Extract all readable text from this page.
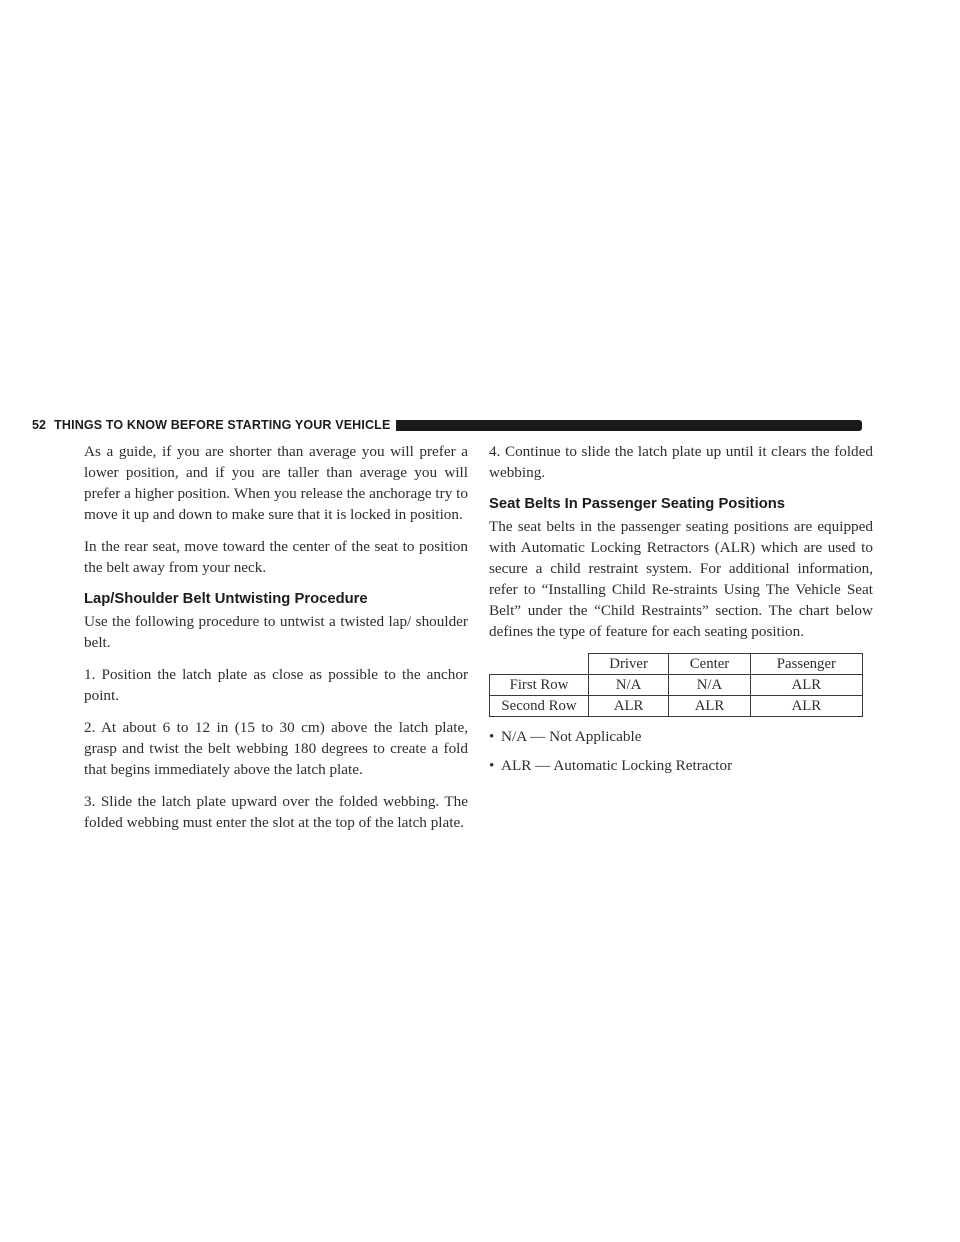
52 THINGS TO KNOW BEFORE STARTING YOUR VEHICLE

As a guide, if you are shorter than average you will prefer a lower position, and if you are taller than average you will prefer a higher position. When you release the anchorage try to move it up and down to make sure that it is locked in position.

In the rear seat, move toward the center of the seat to position the belt away from your neck.

Lap/Shoulder Belt Untwisting Procedure

Use the following procedure to untwist a twisted lap/ shoulder belt.

1. Position the latch plate as close as possible to the anchor point.

2. At about 6 to 12 in (15 to 30 cm) above the latch plate, grasp and twist the belt webbing 180 degrees to create a fold that begins immediately above the latch plate.

3. Slide the latch plate upward over the folded webbing. The folded webbing must enter the slot at the top of the latch plate.

4. Continue to slide the latch plate up until it clears the folded webbing.

Seat Belts In Passenger Seating Positions

The seat belts in the passenger seating positions are equipped with Automatic Locking Retractors (ALR) which are used to secure a child restraint system. For additional information, refer to “Installing Child Re-straints Using The Vehicle Seat Belt” under the “Child Restraints” section. The chart below defines the type of feature for each seating position.

	Driver	Center	Passenger
First Row	N/A	N/A	ALR
Second Row	ALR	ALR	ALR
• N/A — Not Applicable
• ALR — Automatic Locking Retractor
